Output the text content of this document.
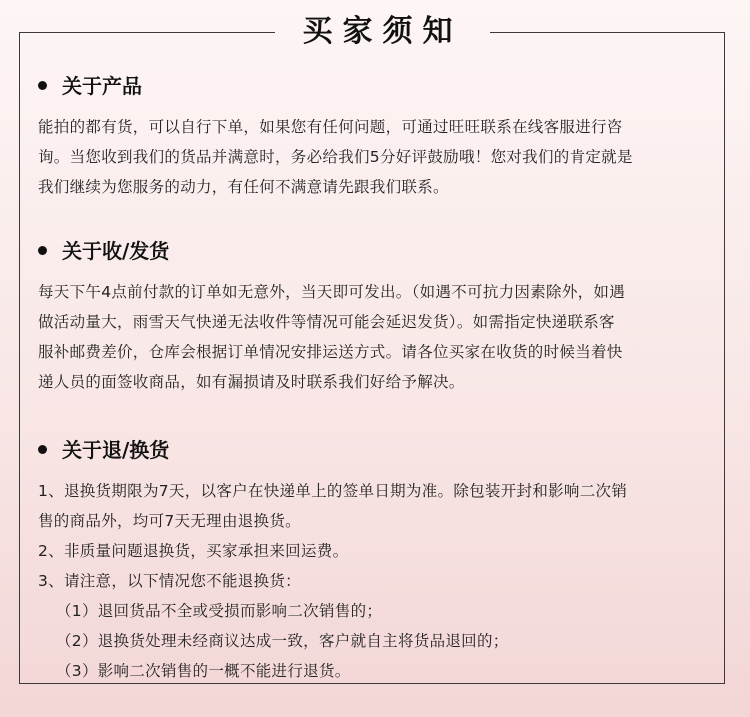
买家须知
关于产品
能拍的都有货，可以自行下单，如果您有任何问题，可通过旺旺联系在线客服进行咨
询。当您收到我们的货品并满意时，务必给我们5分好评鼓励哦！您对我们的肯定就是
我们继续为您服务的动力，有任何不满意请先跟我们联系。
关于收/发货
每天下午4点前付款的订单如无意外，当天即可发出。（如遇不可抗力因素除外，如遇
做活动量大，雨雪天气快递无法收件等情况可能会延迟发货）。如需指定快递联系客
服补邮费差价，仓库会根据订单情况安排运送方式。请各位买家在收货的时候当着快
递人员的面签收商品，如有漏损请及时联系我们好给予解决。
关于退/换货
1、退换货期限为7天，以客户在快递单上的签单日期为准。除包装开封和影响二次销
售的商品外，均可7天无理由退换货。
2、非质量问题退换货，买家承担来回运费。
3、请注意，以下情况您不能退换货：
（1）退回货品不全或受损而影响二次销售的；
（2）退换货处理未经商议达成一致，客户就自主将货品退回的；
（3）影响二次销售的一概不能进行退货。
